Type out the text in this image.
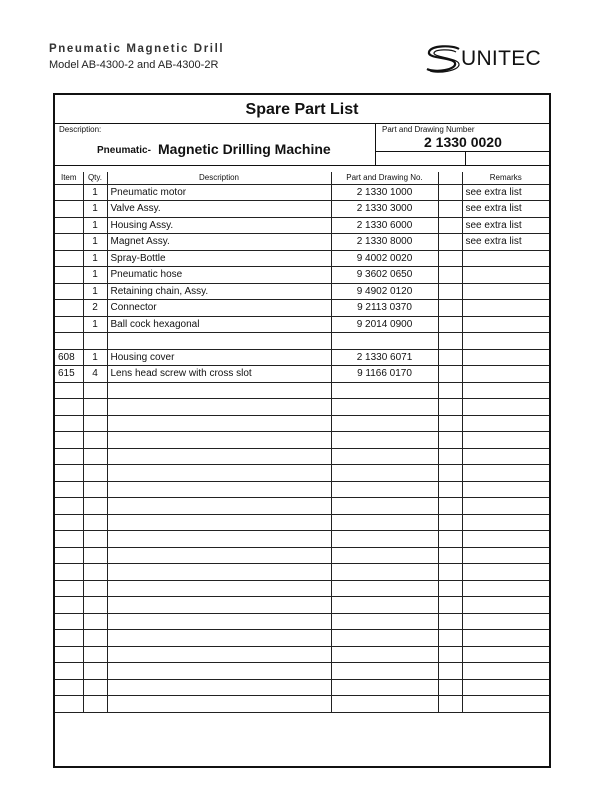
Pneumatic Magnetic Drill
Model AB-4300-2 and AB-4300-2R	UNITEC
Spare Part List
Description:
Pneumatic- Magnetic Drilling Machine
Part and Drawing Number
2 1330 0020
Item	Qty.	Description	Part and Drawing No.		Remarks
	1	Pneumatic motor	2 1330 1000		see extra list
	1	Valve Assy.	2 1330 3000		see extra list
	1	Housing Assy.	2 1330 6000		see extra list
	1	Magnet Assy.	2 1330 8000		see extra list
	1	Spray-Bottle	9 4002 0020		
	1	Pneumatic hose	9 3602 0650		
	1	Retaining chain, Assy.	9 4902 0120		
	2	Connector	9 2113 0370		
	1	Ball cock hexagonal	9 2014 0900		

608	1	Housing cover	2 1330 6071		
615	4	Lens head screw with cross slot	9 1166 0170		
